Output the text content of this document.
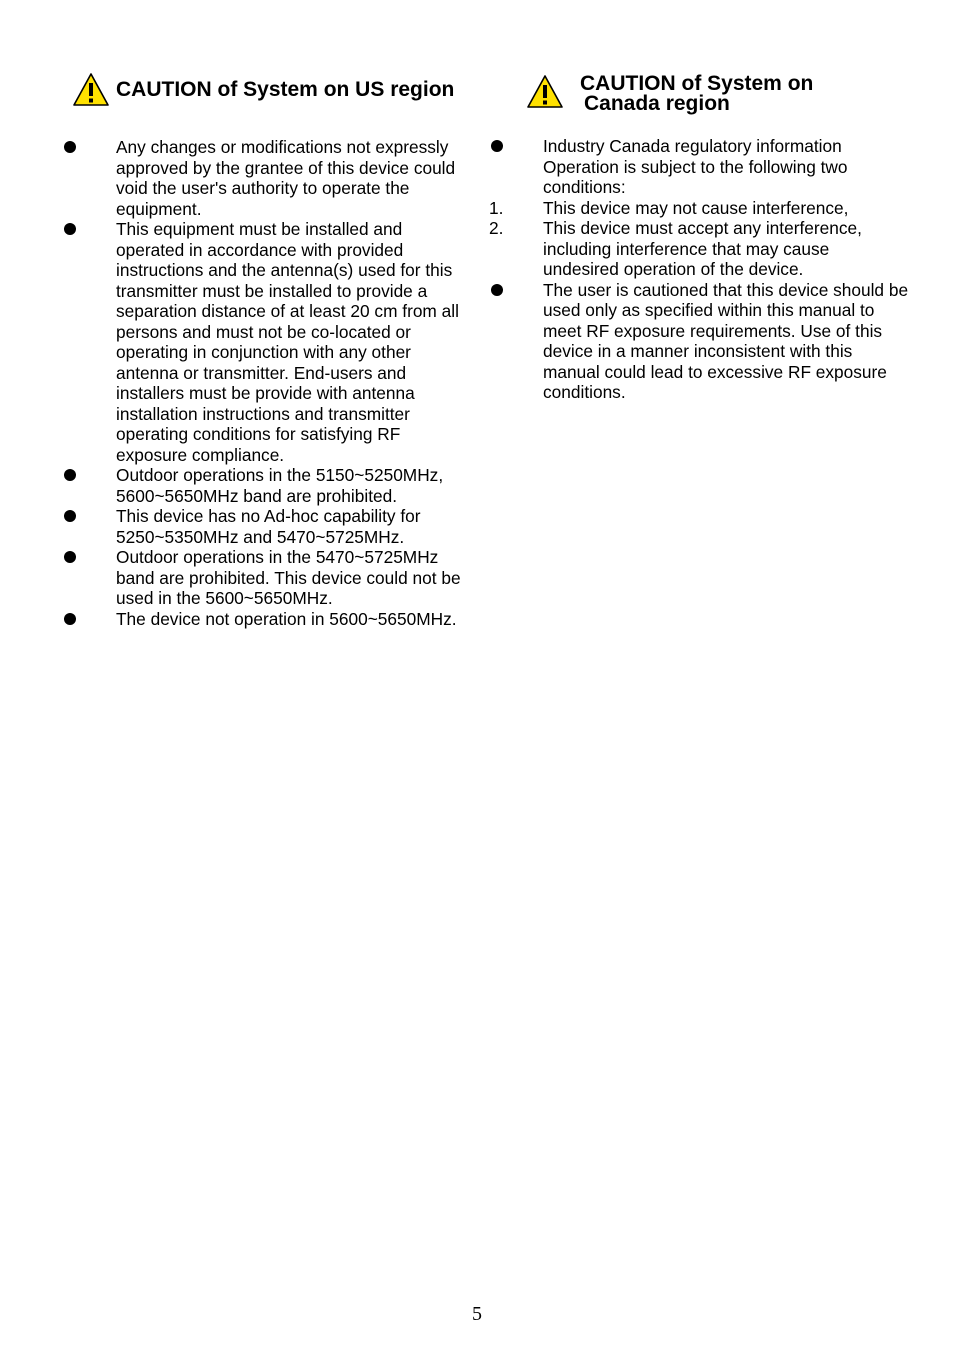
CAUTION of System on US region
Any changes or modifications not expressly approved by the grantee of this device could void the user's authority to operate the equipment.
This equipment must be installed and operated in accordance with provided instructions and the antenna(s) used for this transmitter must be installed to provide a separation distance of at least 20 cm from all persons and must not be co-located or operating in conjunction with any other antenna or transmitter. End-users and installers must be provide with antenna installation instructions and transmitter operating conditions for satisfying RF exposure compliance.
Outdoor operations in the 5150~5250MHz, 5600~5650MHz band are prohibited.
This device has no Ad-hoc capability for 5250~5350MHz and 5470~5725MHz.
Outdoor operations in the 5470~5725MHz band are prohibited. This device could not be used in the 5600~5650MHz.
The device not operation in 5600~5650MHz.
CAUTION of System on
Canada region
Industry Canada regulatory information Operation is subject to the following two conditions:
1. This device may not cause interference,
2. This device must accept any interference, including interference that may cause undesired operation of the device.
The user is cautioned that this device should be used only as specified within this manual to meet RF exposure requirements. Use of this device in a manner inconsistent with this manual could lead to excessive RF exposure conditions.
5
